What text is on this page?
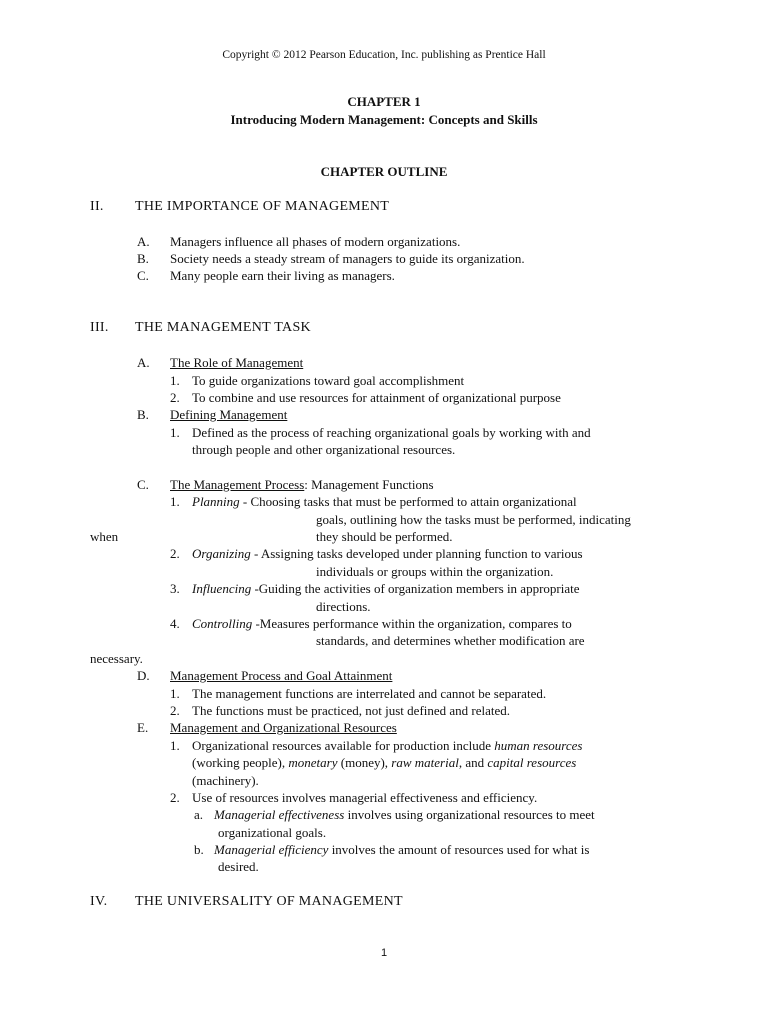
Copyright © 2012 Pearson Education, Inc. publishing as Prentice Hall
CHAPTER 1
Introducing Modern Management: Concepts and Skills
CHAPTER OUTLINE
II. THE IMPORTANCE OF MANAGEMENT
A. Managers influence all phases of modern organizations.
B. Society needs a steady stream of managers to guide its organization.
C. Many people earn their living as managers.
III. THE MANAGEMENT TASK
A. The Role of Management
1. To guide organizations toward goal accomplishment
2. To combine and use resources for attainment of organizational purpose
B. Defining Management
1. Defined as the process of reaching organizational goals by working with and
through people and other organizational resources.
C. The Management Process: Management Functions
1. Planning - Choosing tasks that must be performed to attain organizational
goals, outlining how the tasks must be performed, indicating
when	they should be performed.
2. Organizing - Assigning tasks developed under planning function to various
individuals or groups within the organization.
3. Influencing -Guiding the activities of organization members in appropriate
directions.
4. Controlling -Measures performance within the organization, compares to
standards, and determines whether modification are
necessary.
D. Management Process and Goal Attainment
1. The management functions are interrelated and cannot be separated.
2. The functions must be practiced, not just defined and related.
E. Management and Organizational Resources
1. Organizational resources available for production include human resources
(working people), monetary (money), raw material, and capital resources
(machinery).
2. Use of resources involves managerial effectiveness and efficiency.
a. Managerial effectiveness involves using organizational resources to meet
organizational goals.
b. Managerial efficiency involves the amount of resources used for what is
desired.
IV. THE UNIVERSALITY OF MANAGEMENT
1
